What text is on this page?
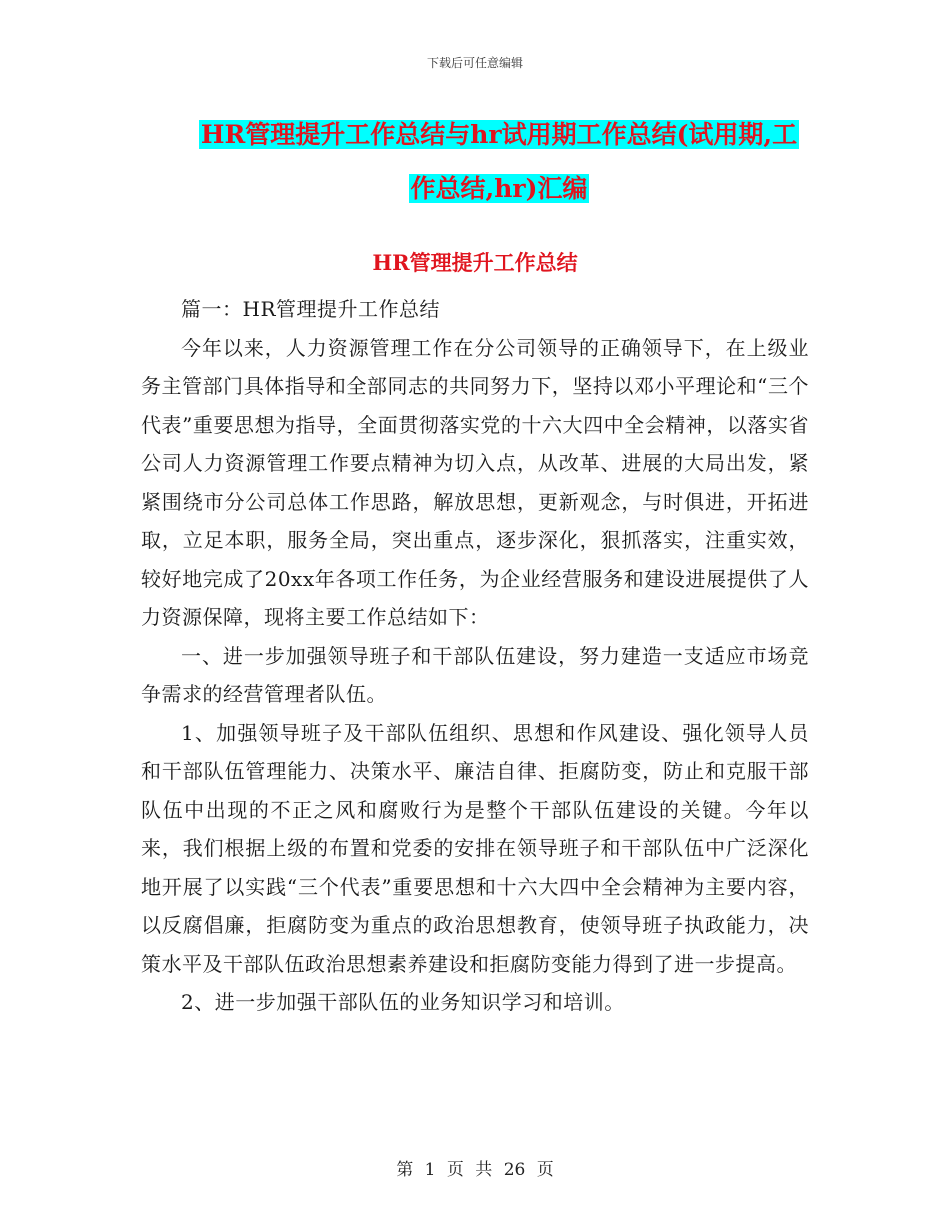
下载后可任意编辑
HR管理提升工作总结与hr试用期工作总结(试用期,工
作总结,hr)汇编
HR管理提升工作总结

篇一：HR管理提升工作总结

今年以来，人力资源管理工作在分公司领导的正确领导下，在上级业务主管部门具体指导和全部同志的共同努力下，坚持以邓小平理论和“三个代表”重要思想为指导，全面贯彻落实党的十六大四中全会精神，以落实省公司人力资源管理工作要点精神为切入点，从改革、进展的大局出发，紧紧围绕市分公司总体工作思路，解放思想，更新观念，与时俱进，开拓进取，立足本职，服务全局，突出重点，逐步深化，狠抓落实，注重实效，较好地完成了20xx年各项工作任务，为企业经营服务和建设进展提供了人力资源保障，现将主要工作总结如下：

一、进一步加强领导班子和干部队伍建设，努力建造一支适应市场竞争需求的经营管理者队伍。

1、加强领导班子及干部队伍组织、思想和作风建设、强化领导人员和干部队伍管理能力、决策水平、廉洁自律、拒腐防变，防止和克服干部队伍中出现的不正之风和腐败行为是整个干部队伍建设的关键。今年以来，我们根据上级的布置和党委的安排在领导班子和干部队伍中广泛深化地开展了以实践“三个代表”重要思想和十六大四中全会精神为主要内容，以反腐倡廉，拒腐防变为重点的政治思想教育，使领导班子执政能力，决策水平及干部队伍政治思想素养建设和拒腐防变能力得到了进一步提高。

2、进一步加强干部队伍的业务知识学习和培训。

第 1 页 共 26 页
